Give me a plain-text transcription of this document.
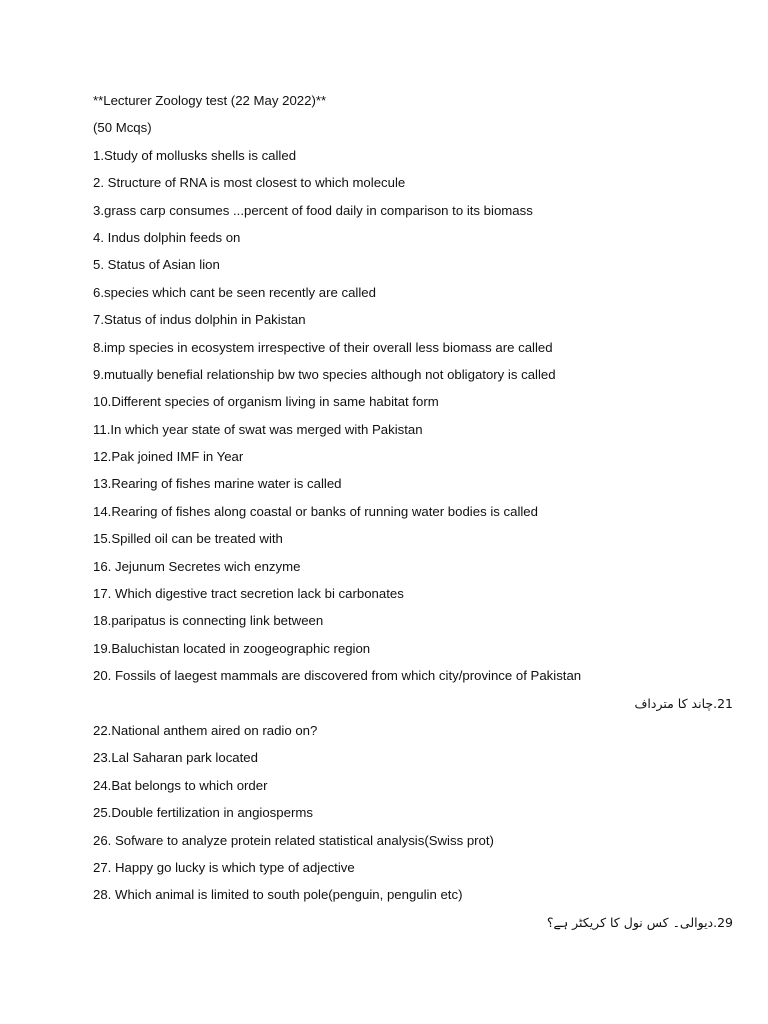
**Lecturer Zoology test (22 May 2022)**
(50 Mcqs)
1.Study of mollusks shells is called
2. Structure of RNA is most closest to which molecule
3.grass carp consumes ...percent of food daily in comparison to its biomass
4. Indus dolphin feeds on
5. Status of Asian lion
6.species which cant be seen recently are called
7.Status of indus dolphin in Pakistan
8.imp species in ecosystem irrespective of their overall less biomass are called
9.mutually benefial relationship bw two species although not obligatory is called
10.Different species of organism living in same habitat form
11.In which year state of swat was merged with Pakistan
12.Pak joined IMF in Year
13.Rearing of fishes marine water is called
14.Rearing of fishes along coastal or banks of running water bodies is called
15.Spilled oil can be treated with
16. Jejunum Secretes wich enzyme
17. Which digestive tract secretion lack bi carbonates
18.paripatus is connecting link between
19.Baluchistan located in zoogeographic region
20. Fossils of laegest mammals are discovered from which city/province of Pakistan
21.چاند کا مترداف
22.National anthem aired on radio on?
23.Lal Saharan park located
24.Bat belongs to which order
25.Double fertilization in angiosperms
26. Sofware to analyze protein related statistical analysis(Swiss prot)
27. Happy go lucky is which type of adjective
28. Which animal is limited to south pole(penguin, pengulin etc)
29.دیوالی۔ کس نول کا کریکٹر ہے؟
